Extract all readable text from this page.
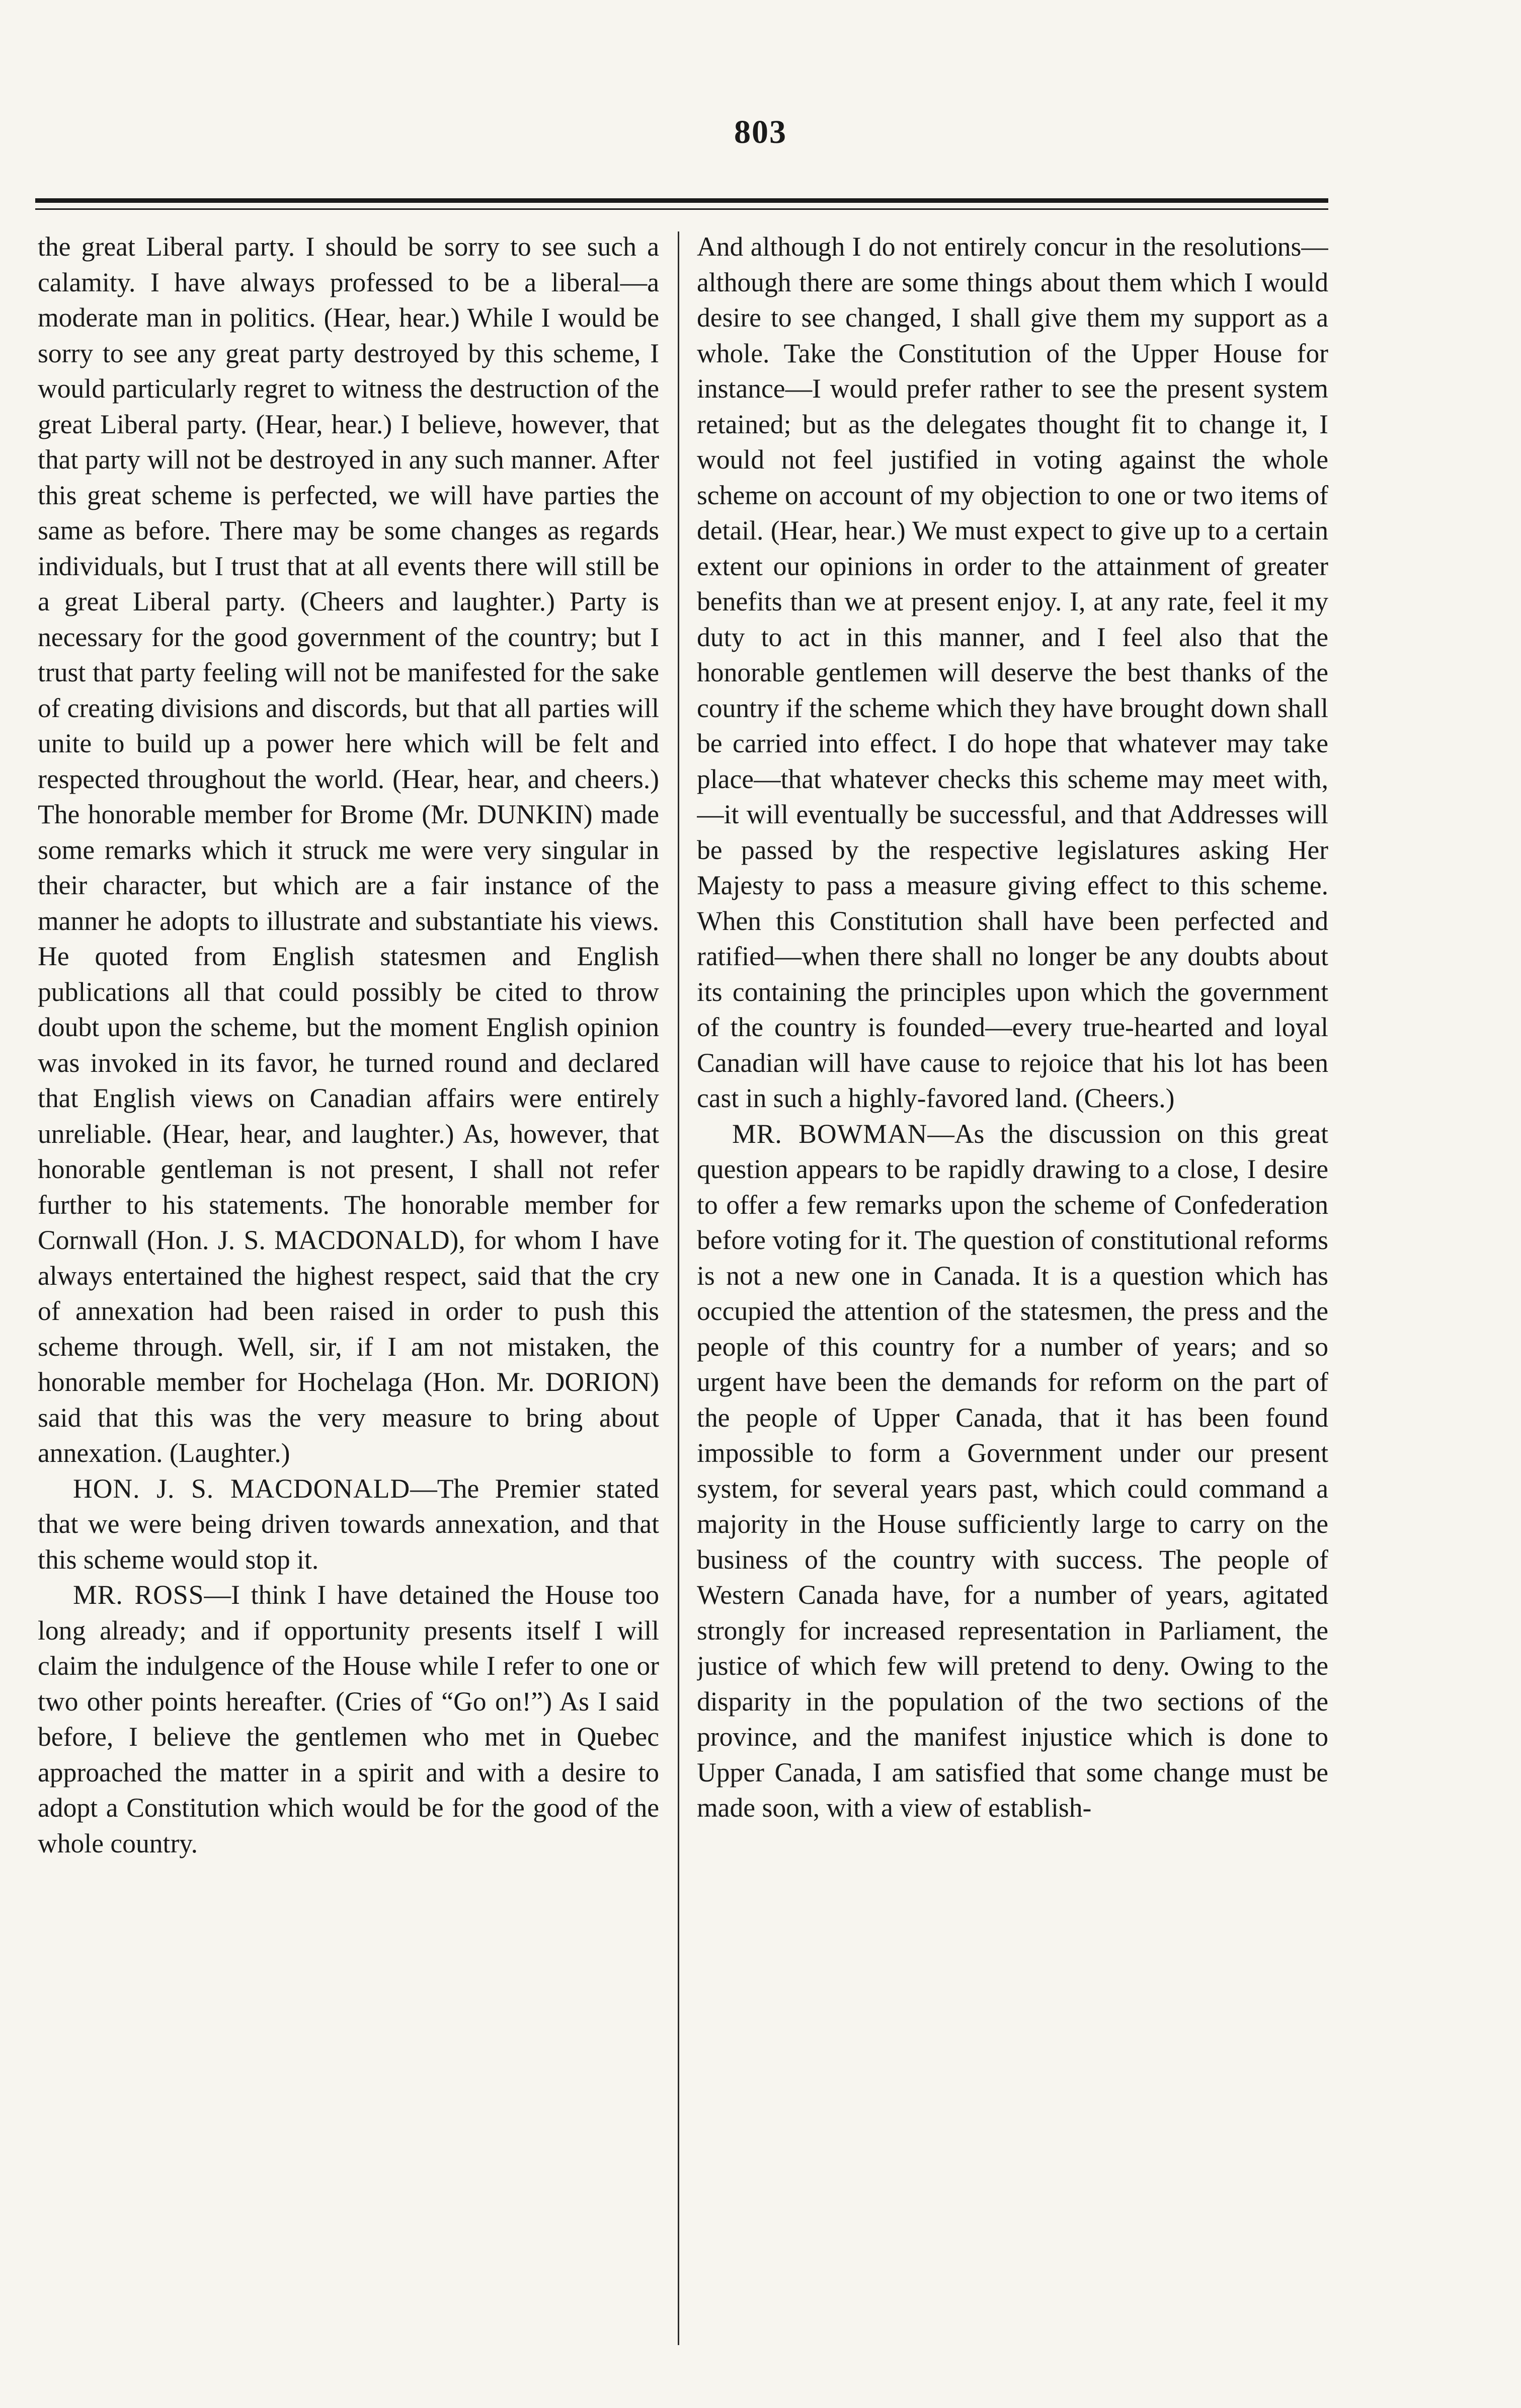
803

the great Liberal party. I should be sorry to see such a calamity. I have always professed to be a liberal—a moderate man in politics. (Hear, hear.) While I would be sorry to see any great party destroyed by this scheme, I would particularly regret to witness the destruction of the great Liberal party. (Hear, hear.) I believe, however, that that party will not be destroyed in any such manner. After this great scheme is perfected, we will have parties the same as before. There may be some changes as regards individuals, but I trust that at all events there will still be a great Liberal party. (Cheers and laughter.) Party is necessary for the good government of the country; but I trust that party feeling will not be manifested for the sake of creating divisions and discords, but that all parties will unite to build up a power here which will be felt and respected throughout the world. (Hear, hear, and cheers.) The honorable member for Brome (Mr. DUNKIN) made some remarks which it struck me were very singular in their character, but which are a fair instance of the manner he adopts to illustrate and substantiate his views. He quoted from English statesmen and English publications all that could possibly be cited to throw doubt upon the scheme, but the moment English opinion was invoked in its favor, he turned round and declared that English views on Canadian affairs were entirely unreliable. (Hear, hear, and laughter.) As, however, that honorable gentleman is not present, I shall not refer further to his statements. The honorable member for Cornwall (Hon. J. S. MACDONALD), for whom I have always entertained the highest respect, said that the cry of annexation had been raised in order to push this scheme through. Well, sir, if I am not mistaken, the honorable member for Hochelaga (Hon. Mr. DORION) said that this was the very measure to bring about annexation. (Laughter.)

HON. J. S. MACDONALD—The Premier stated that we were being driven towards annexation, and that this scheme would stop it.

MR. ROSS—I think I have detained the House too long already; and if opportunity presents itself I will claim the indulgence of the House while I refer to one or two other points hereafter. (Cries of “Go on!”) As I said before, I believe the gentlemen who met in Quebec approached the matter in a spirit and with a desire to adopt a Constitution which would be for the good of the whole country.

And although I do not entirely concur in the resolutions—although there are some things about them which I would desire to see changed, I shall give them my support as a whole. Take the Constitution of the Upper House for instance—I would prefer rather to see the present system retained; but as the delegates thought fit to change it, I would not feel justified in voting against the whole scheme on account of my objection to one or two items of detail. (Hear, hear.) We must expect to give up to a certain extent our opinions in order to the attainment of greater benefits than we at present enjoy. I, at any rate, feel it my duty to act in this manner, and I feel also that the honorable gentlemen will deserve the best thanks of the country if the scheme which they have brought down shall be carried into effect. I do hope that whatever may take place—that whatever checks this scheme may meet with,—it will eventually be successful, and that Addresses will be passed by the respective legislatures asking Her Majesty to pass a measure giving effect to this scheme. When this Constitution shall have been perfected and ratified—when there shall no longer be any doubts about its containing the principles upon which the government of the country is founded—every true-hearted and loyal Canadian will have cause to rejoice that his lot has been cast in such a highly-favored land. (Cheers.)

MR. BOWMAN—As the discussion on this great question appears to be rapidly drawing to a close, I desire to offer a few remarks upon the scheme of Confederation before voting for it. The question of constitutional reforms is not a new one in Canada. It is a question which has occupied the attention of the statesmen, the press and the people of this country for a number of years; and so urgent have been the demands for reform on the part of the people of Upper Canada, that it has been found impossible to form a Government under our present system, for several years past, which could command a majority in the House sufficiently large to carry on the business of the country with success. The people of Western Canada have, for a number of years, agitated strongly for increased representation in Parliament, the justice of which few will pretend to deny. Owing to the disparity in the population of the two sections of the province, and the manifest injustice which is done to Upper Canada, I am satisfied that some change must be made soon, with a view of establish-
